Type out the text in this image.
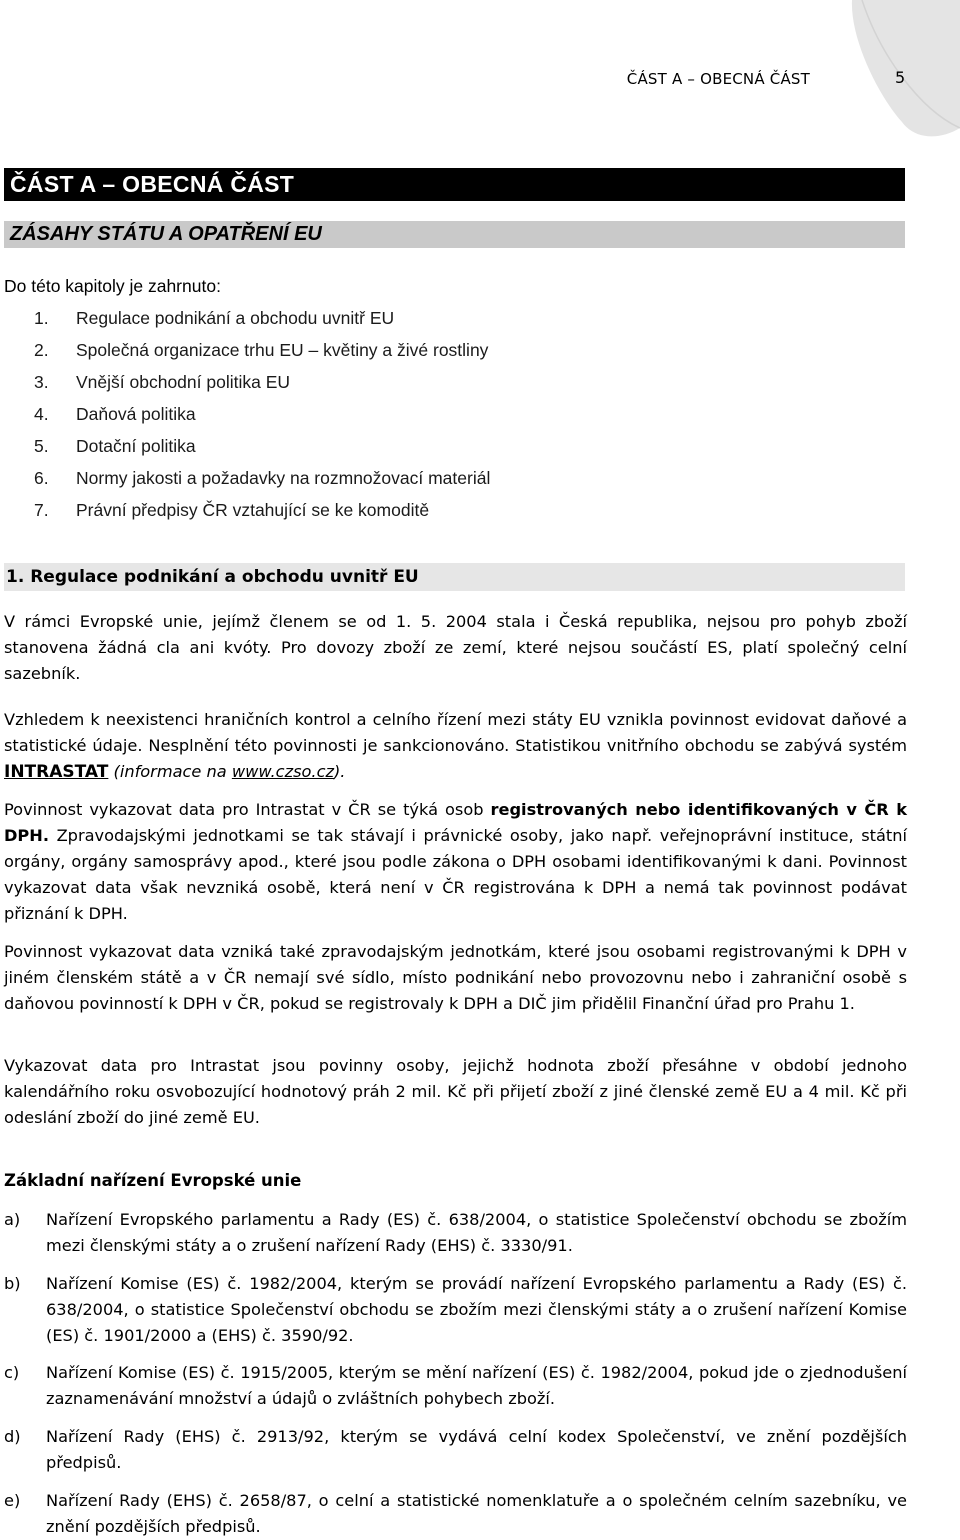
ČÁST A – OBECNÁ ČÁST	5
ČÁST A – OBECNÁ ČÁST
ZÁSAHY STÁTU A OPATŘENÍ EU
Do této kapitoly je zahrnuto:
1.	Regulace podnikání a obchodu uvnitř EU
2.	Společná organizace trhu EU – květiny a živé rostliny
3.	Vnější obchodní politika EU
4.	Daňová politika
5.	Dotační politika
6.	Normy jakosti a požadavky na rozmnožovací materiál
7.	Právní předpisy ČR vztahující se ke komoditě
1. Regulace podnikání a obchodu uvnitř EU

V rámci Evropské unie, jejímž členem se od 1. 5. 2004 stala i Česká republika, nejsou pro pohyb zboží stanovena žádná cla ani kvóty. Pro dovozy zboží ze zemí, které nejsou součástí ES, platí společný celní sazebník.

Vzhledem k neexistenci hraničních kontrol a celního řízení mezi státy EU vznikla povinnost evidovat daňové a statistické údaje. Nesplnění této povinnosti je sankcionováno. Statistikou vnitřního obchodu se zabývá systém INTRASTAT (informace na www.czso.cz).

Povinnost vykazovat data pro Intrastat v ČR se týká osob registrovaných nebo identifikovaných v ČR k DPH. Zpravodajskými jednotkami se tak stávají i právnické osoby, jako např. veřejnoprávní instituce, státní orgány, orgány samosprávy apod., které jsou podle zákona o DPH osobami identifikovanými k dani. Povinnost vykazovat data však nevzniká osobě, která není v ČR registrována k DPH a nemá tak povinnost podávat přiznání k DPH.

Povinnost vykazovat data vzniká také zpravodajským jednotkám, které jsou osobami registrovanými k DPH v jiném členském státě a v ČR nemají své sídlo, místo podnikání nebo provozovnu nebo i zahraniční osobě s daňovou povinností k DPH v ČR, pokud se registrovaly k DPH a DIČ jim přidělil Finanční úřad pro Prahu 1.

Vykazovat data pro Intrastat jsou povinny osoby, jejichž hodnota zboží přesáhne v období jednoho kalendářního roku osvobozující hodnotový práh 2 mil. Kč při přijetí zboží z jiné členské země EU a 4 mil. Kč při odeslání zboží do jiné země EU.

Základní nařízení Evropské unie
a)	Nařízení Evropského parlamentu a Rady (ES) č. 638/2004, o statistice Společenství obchodu se zbožím mezi členskými státy a o zrušení nařízení Rady (EHS) č. 3330/91.
b)	Nařízení Komise (ES) č. 1982/2004, kterým se provádí nařízení Evropského parlamentu a Rady (ES) č. 638/2004, o statistice Společenství obchodu se zbožím mezi členskými státy a o zrušení nařízení Komise (ES) č. 1901/2000 a (EHS) č. 3590/92.
c)	Nařízení Komise (ES) č. 1915/2005, kterým se mění nařízení (ES) č. 1982/2004, pokud jde o zjednodušení zaznamenávání množství a údajů o zvláštních pohybech zboží.
d)	Nařízení Rady (EHS) č. 2913/92, kterým se vydává celní kodex Společenství, ve znění pozdějších předpisů.
e)	Nařízení Rady (EHS) č. 2658/87, o celní a statistické nomenklatuře a o společném celním sazebníku, ve znění pozdějších předpisů.
